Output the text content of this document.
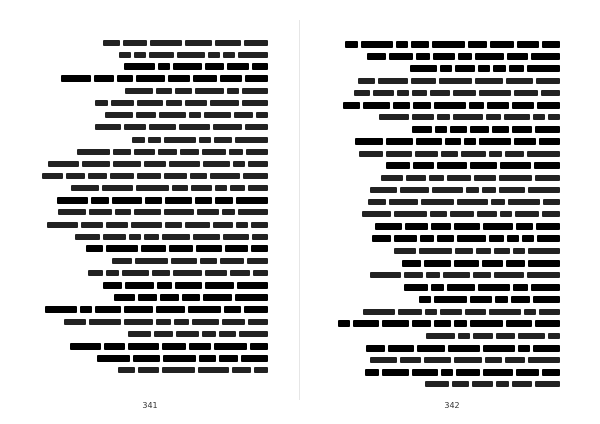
341	342
